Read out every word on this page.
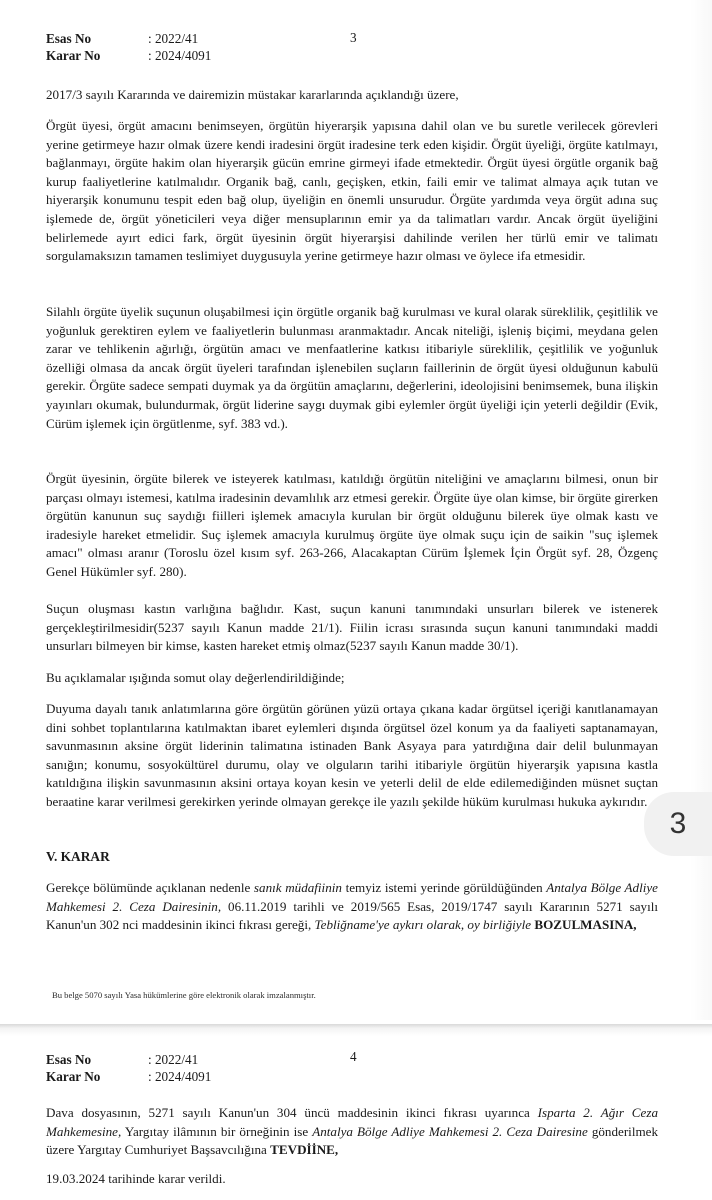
Esas No	: 2022/41
Karar No	: 2024/4091
3

2017/3 sayılı Kararında ve dairemizin müstakar kararlarında açıklandığı üzere,

Örgüt üyesi, örgüt amacını benimseyen, örgütün hiyerarşik yapısına dahil olan ve bu suretle verilecek görevleri yerine getirmeye hazır olmak üzere kendi iradesini örgüt iradesine terk eden kişidir. Örgüt üyeliği, örgüte katılmayı, bağlanmayı, örgüte hakim olan hiyerarşik gücün emrine girmeyi ifade etmektedir. Örgüt üyesi örgütle organik bağ kurup faaliyetlerine katılmalıdır. Organik bağ, canlı, geçişken, etkin, faili emir ve talimat almaya açık tutan ve hiyerarşik konumunu tespit eden bağ olup, üyeliğin en önemli unsurudur. Örgüte yardımda veya örgüt adına suç işlemede de, örgüt yöneticileri veya diğer mensuplarının emir ya da talimatları vardır. Ancak örgüt üyeliğini belirlemede ayırt edici fark, örgüt üyesinin örgüt hiyerarşisi dahilinde verilen her türlü emir ve talimatı sorgulamaksızın tamamen teslimiyet duygusuyla yerine getirmeye hazır olması ve öylece ifa etmesidir.

Silahlı örgüte üyelik suçunun oluşabilmesi için örgütle organik bağ kurulması ve kural olarak süreklilik, çeşitlilik ve yoğunluk gerektiren eylem ve faaliyetlerin bulunması aranmaktadır. Ancak niteliği, işleniş biçimi, meydana gelen zarar ve tehlikenin ağırlığı, örgütün amacı ve menfaatlerine katkısı itibariyle süreklilik, çeşitlilik ve yoğunluk özelliği olmasa da ancak örgüt üyeleri tarafından işlenebilen suçların faillerinin de örgüt üyesi olduğunun kabulü gerekir. Örgüte sadece sempati duymak ya da örgütün amaçlarını, değerlerini, ideolojisini benimsemek, buna ilişkin yayınları okumak, bulundurmak, örgüt liderine saygı duymak gibi eylemler örgüt üyeliği için yeterli değildir (Evik, Cürüm işlemek için örgütlenme, syf. 383 vd.).

Örgüt üyesinin, örgüte bilerek ve isteyerek katılması, katıldığı örgütün niteliğini ve amaçlarını bilmesi, onun bir parçası olmayı istemesi, katılma iradesinin devamlılık arz etmesi gerekir. Örgüte üye olan kimse, bir örgüte girerken örgütün kanunun suç saydığı fiilleri işlemek amacıyla kurulan bir örgüt olduğunu bilerek üye olmak kastı ve iradesiyle hareket etmelidir. Suç işlemek amacıyla kurulmuş örgüte üye olmak suçu için de saikin "suç işlemek amacı" olması aranır (Toroslu özel kısım syf. 263-266, Alacakaptan Cürüm İşlemek İçin Örgüt syf. 28, Özgenç Genel Hükümler syf. 280).

Suçun oluşması kastın varlığına bağlıdır. Kast, suçun kanuni tanımındaki unsurları bilerek ve istenerek gerçekleştirilmesidir(5237 sayılı Kanun madde 21/1). Fiilin icrası sırasında suçun kanuni tanımındaki maddi unsurları bilmeyen bir kimse, kasten hareket etmiş olmaz(5237 sayılı Kanun madde 30/1).

Bu açıklamalar ışığında somut olay değerlendirildiğinde;

Duyuma dayalı tanık anlatımlarına göre örgütün görünen yüzü ortaya çıkana kadar örgütsel içeriği kanıtlanamayan dini sohbet toplantılarına katılmaktan ibaret eylemleri dışında örgütsel özel konum ya da faaliyeti saptanamayan, savunmasının aksine örgüt liderinin talimatına istinaden Bank Asyaya para yatırdığına dair delil bulunmayan sanığın; konumu, sosyokültürel durumu, olay ve olguların tarihi itibariyle örgütün hiyerarşik yapısına kastla katıldığına ilişkin savunmasının aksini ortaya koyan kesin ve yeterli delil de elde edilemediğinden müsnet suçtan beraatine karar verilmesi gerekirken yerinde olmayan gerekçe ile yazılı şekilde hüküm kurulması hukuka aykırıdır.

V. KARAR

Gerekçe bölümünde açıklanan nedenle sanık müdafiinin temyiz istemi yerinde görüldüğünden Antalya Bölge Adliye Mahkemesi 2. Ceza Dairesinin, 06.11.2019 tarihli ve 2019/565 Esas, 2019/1747 sayılı Kararının 5271 sayılı Kanun'un 302 nci maddesinin ikinci fıkrası gereği, Tebliğname'ye aykırı olarak, oy birliğiyle BOZULMASINA,

Bu belge 5070 sayılı Yasa hükümlerine göre elektronik olarak imzalanmıştır.

3
Esas No	: 2022/41
Karar No	: 2024/4091
4

Dava dosyasının, 5271 sayılı Kanun'un 304 üncü maddesinin ikinci fıkrası uyarınca Isparta 2. Ağır Ceza Mahkemesine, Yargıtay ilâmının bir örneğinin ise Antalya Bölge Adliye Mahkemesi 2. Ceza Dairesine gönderilmek üzere Yargıtay Cumhuriyet Başsavcılığına TEVDİİNE,

19.03.2024 tarihinde karar verildi.
